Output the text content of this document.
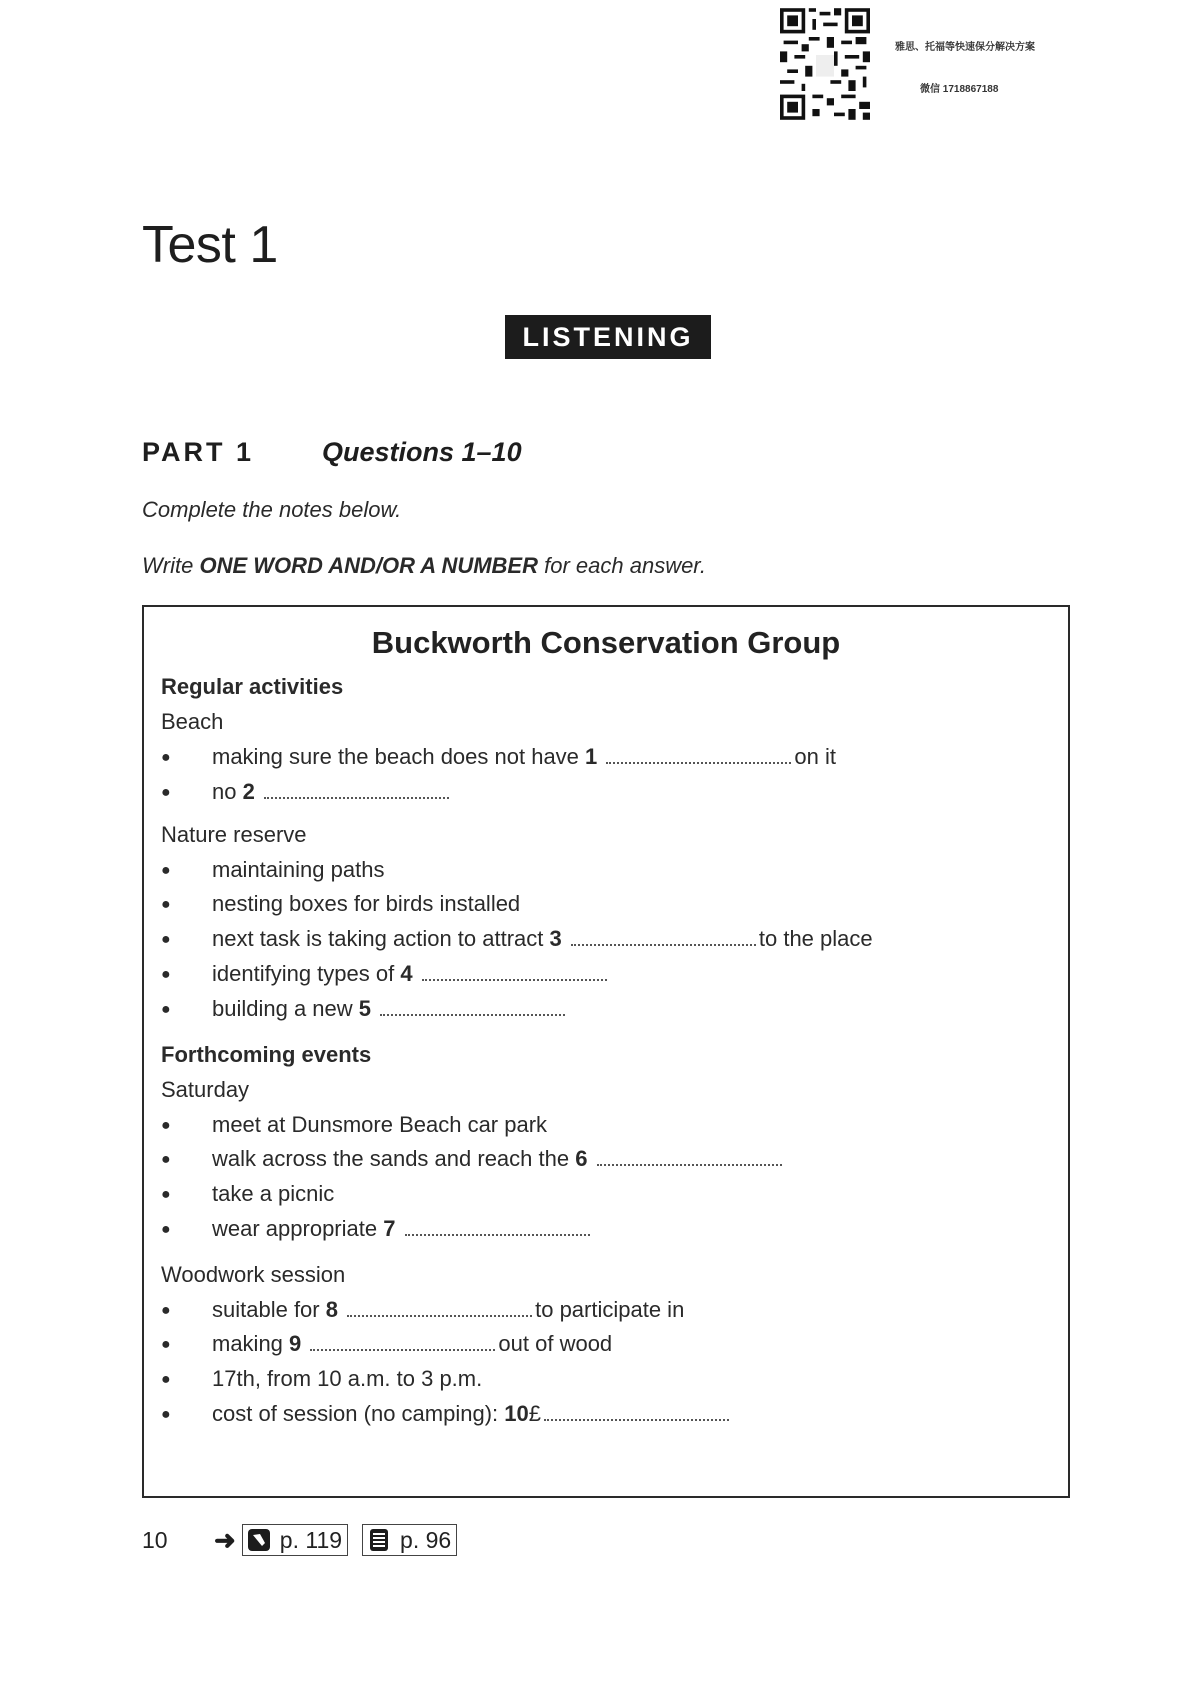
雅思、托福等快速保分解决方案
微信 1718867188
Test 1
LISTENING
PART 1	Questions 1–10
Complete the notes below.
Write ONE WORD AND/OR A NUMBER for each answer.
Buckworth Conservation Group
Regular activities
Beach
● making sure the beach does not have 1	on it
● no 2
Nature reserve
● maintaining paths
● nesting boxes for birds installed
● next task is taking action to attract 3	to the place
● identifying types of 4
● building a new 5
Forthcoming events
Saturday
● meet at Dunsmore Beach car park
● walk across the sands and reach the 6
● take a picnic
● wear appropriate 7
Woodwork session
● suitable for 8	to participate in
● making 9	out of wood
● 17th, from 10 a.m. to 3 p.m.
● cost of session (no camping): 10£
10	➜ p. 119	p. 96
